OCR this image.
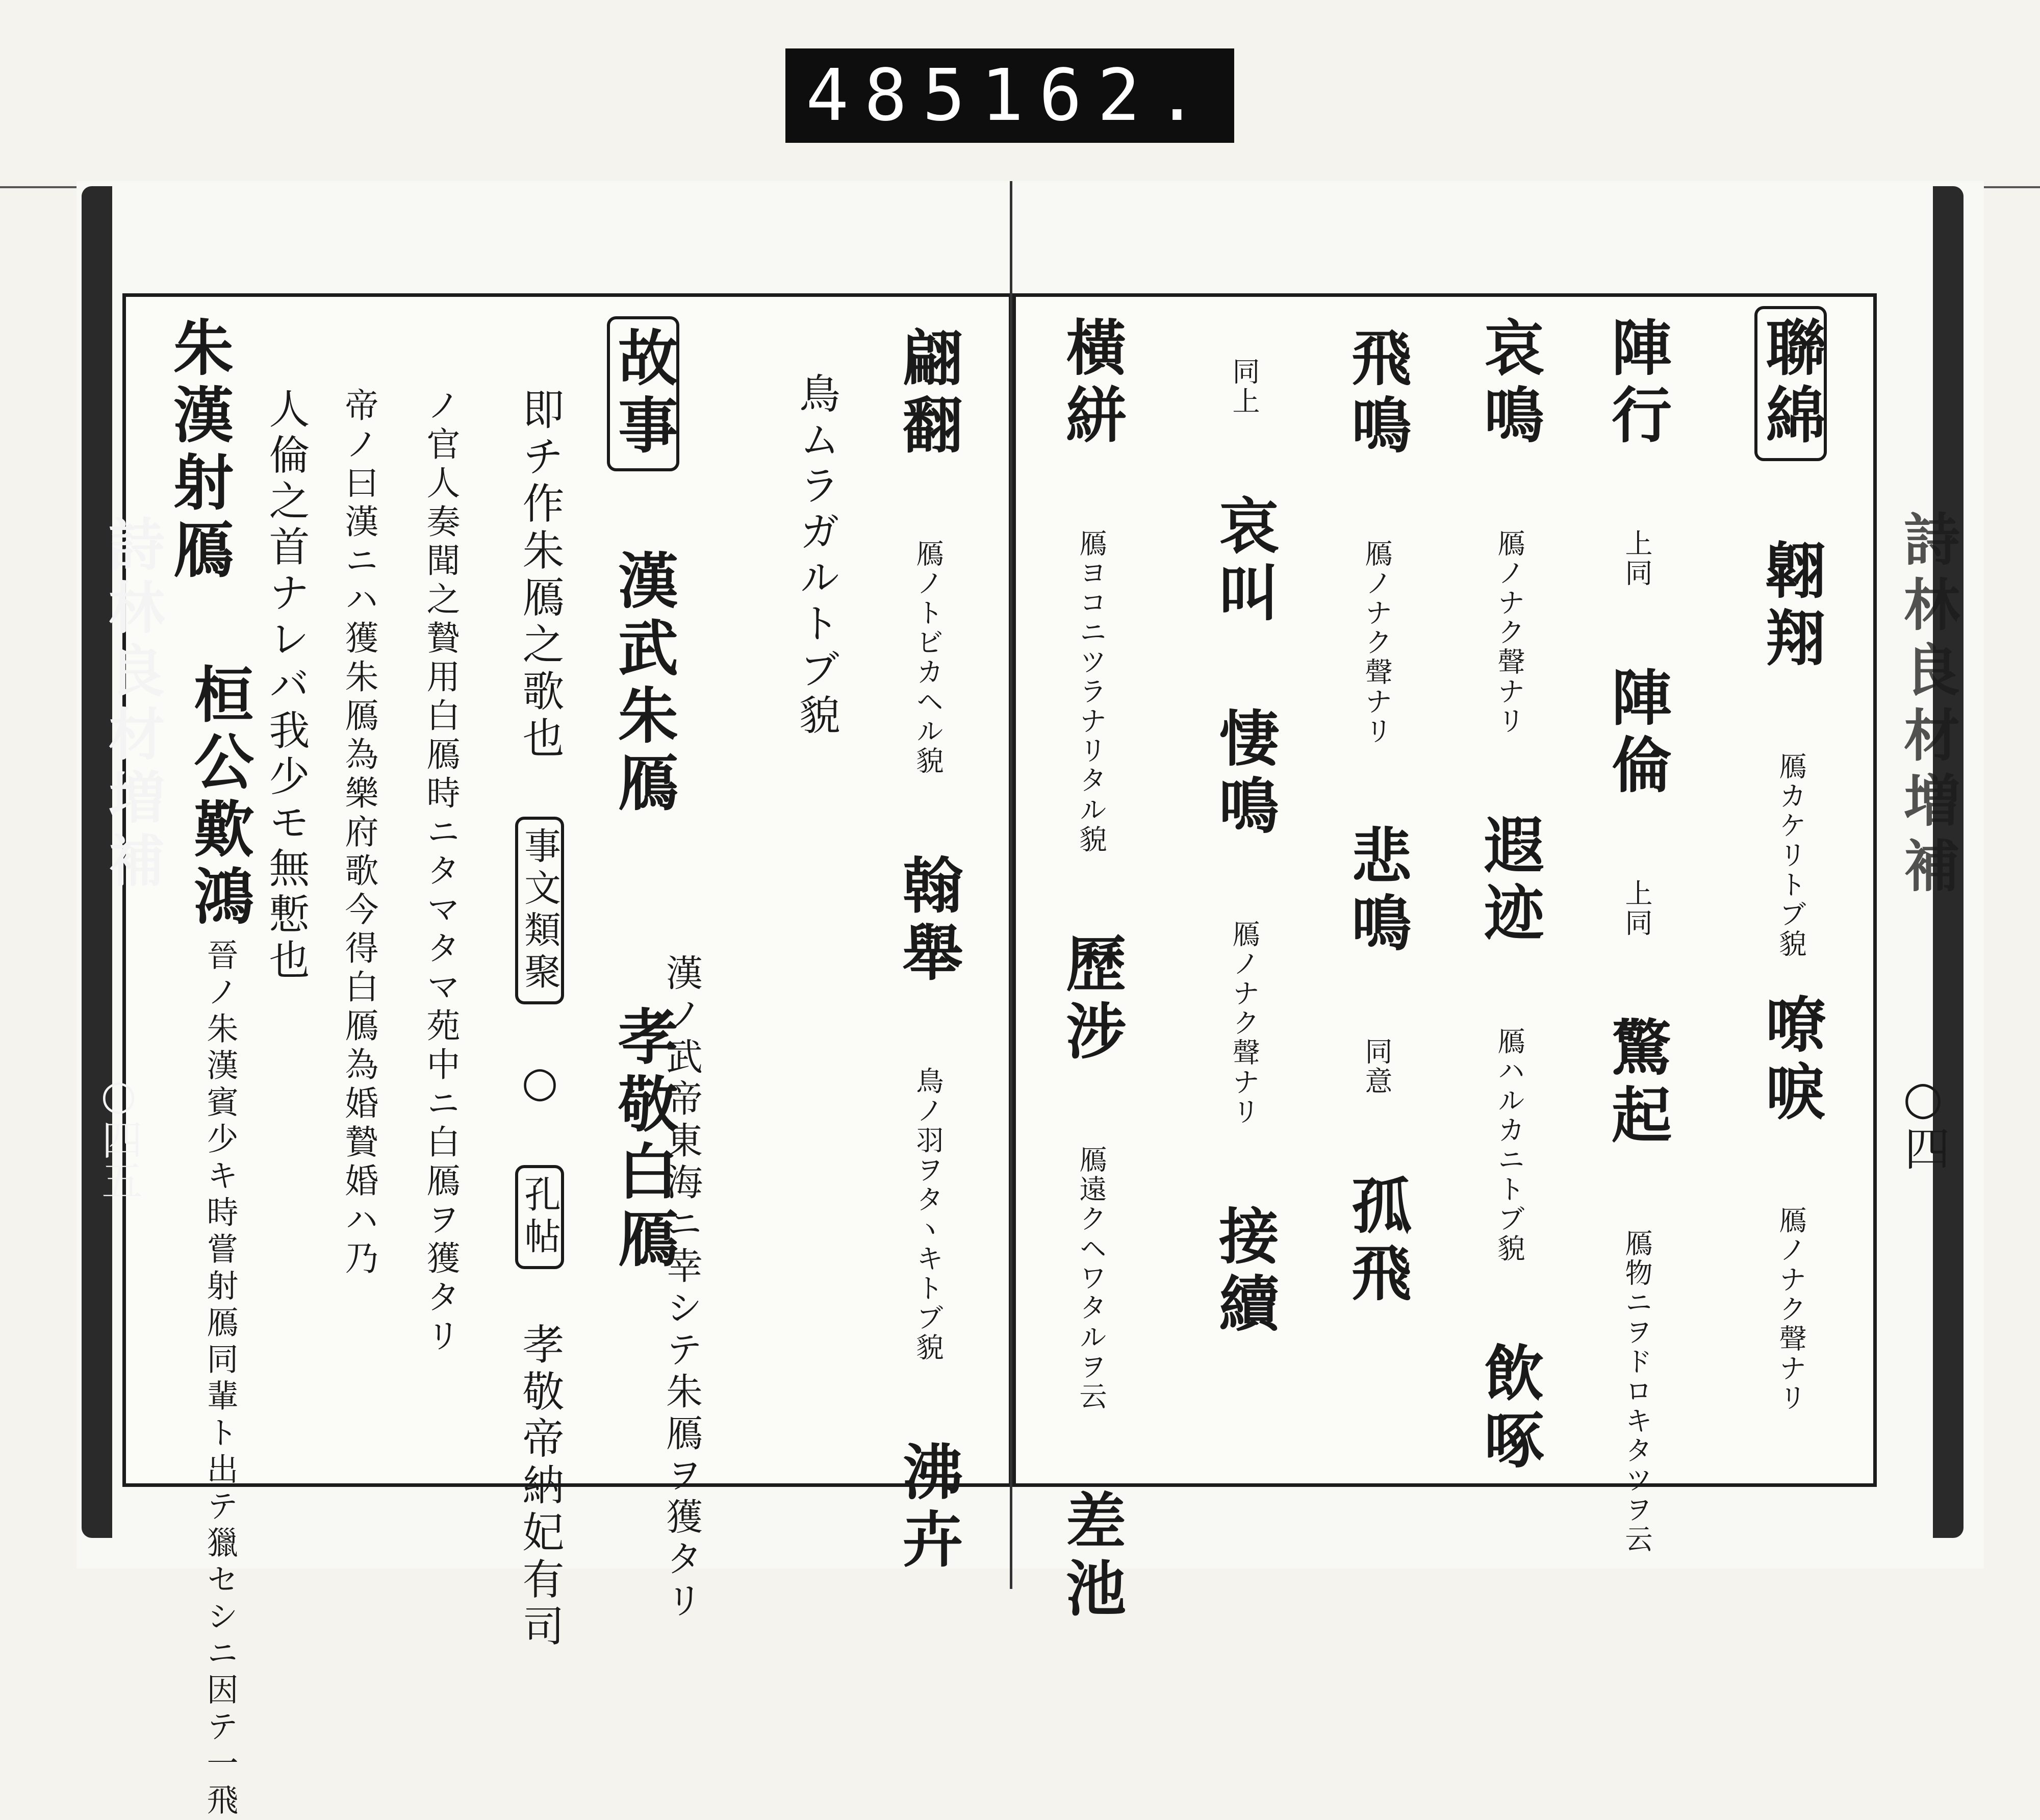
485 162.
詩林良材増補
○四
詩林良材増補
○四五
聯綿 翺翔 鴈カケリトブ貌 嘹唳 鴈ノナク聲ナリ
陣行 上同 陣倫 上同 驚起 鴈物ニヲドロキタツヲ云
哀鳴 鴈ノナク聲ナリ 遐迹 鴈ハルカニトブ貌 飲啄
飛鳴 鴈ノナク聲ナリ 悲鳴 同意 孤飛
同上 哀叫 悽鳴 鴈ノナク聲ナリ 接續
橫絣 鴈ヨコニツラナリタル貌 歷涉 鴈遠クヘワタルヲ云 差池
翩翻 鴈ノトビカヘル貌 翰舉 鳥ノ羽ヲタヽキトブ貌 沸卉
鳥ムラガルトブ貌
故事 漢武朱鴈  孝敬白鴈
漢ノ武帝東海ニ幸シテ朱鴈ヲ獲タリ
即チ作朱鴈之歌也 事文類聚 ○ 孔帖 孝敬帝納妃有司
ノ官人奏聞之贄用白鴈時ニタマタマ苑中ニ白鴈ヲ獲タリ
帝ノ曰漢ニハ獲朱鴈為樂府歌今得白鴈為婚贄婚ハ乃
人倫之首ナレバ我少モ無慙也
朱漢射鴈
桓公歎鴻
晉ノ朱漢賓少キ時嘗射鴈同輩ト出テ獵セシニ因テ一飛
